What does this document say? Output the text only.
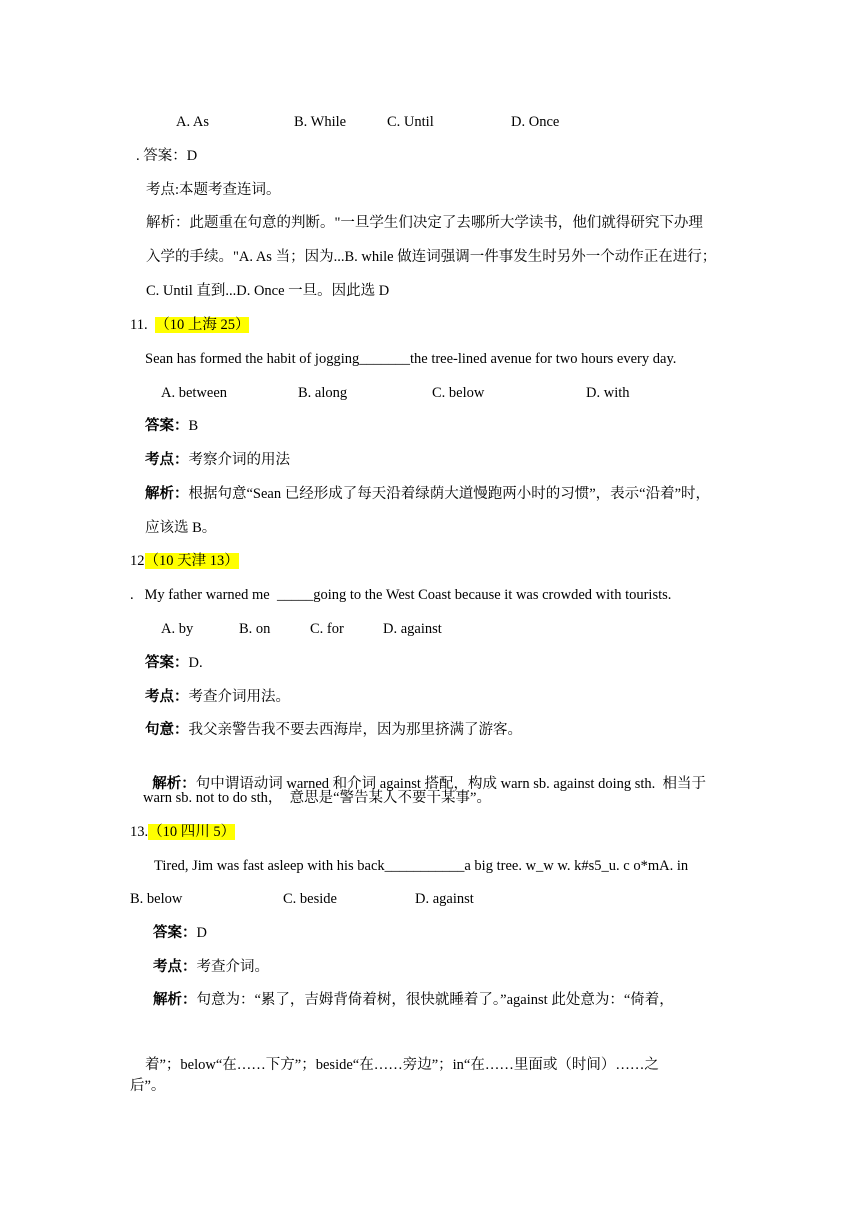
A. As	B. While	C. Until	D. Once
. 答案：D
考点:本题考查连词。
解析：此题重在句意的判断。"一旦学生们决定了去哪所大学读书，他们就得研究下办理
入学的手续。"A. As 当；因为...B. while 做连词强调一件事发生时另外一个动作正在进行；
C. Until 直到...D. Once 一旦。因此选 D
11. （10 上海 25）
Sean has formed the habit of jogging_______the tree-lined avenue for two hours every day.
A. between	B. along	C. below	D. with
答案：B
考点：考察介词的用法
解析：根据句意“Sean 已经形成了每天沿着绿荫大道慢跑两小时的习惯”，表示“沿着”时，
应该选 B。
12（10 天津 13）
.   My father warned me  _____going to the West Coast because it was crowded with tourists.
A. by	B. on	C. for	D. against
答案：D.
考点：考查介词用法。
句意：我父亲警告我不要去西海岸，因为那里挤满了游客。

解析：句中谓语动词 warned 和介词 against 搭配，构成 warn sb. against doing sth.  相当于

warn sb. not to do sth，  意思是“警告某人不要干某事”。
13.（10 四川 5）
Tired, Jim was fast asleep with his back___________a big tree. w_w w. k#s5_u. c o*mA. in
B. below	C. beside	D. against
答案：D
考点：考查介词。
解析：句意为：“累了，吉姆背倚着树，很快就睡着了。”against 此处意为：“倚着，
着”；below“在……下方”；beside“在……旁边”；in“在……里面或（时间）……之
后”。
